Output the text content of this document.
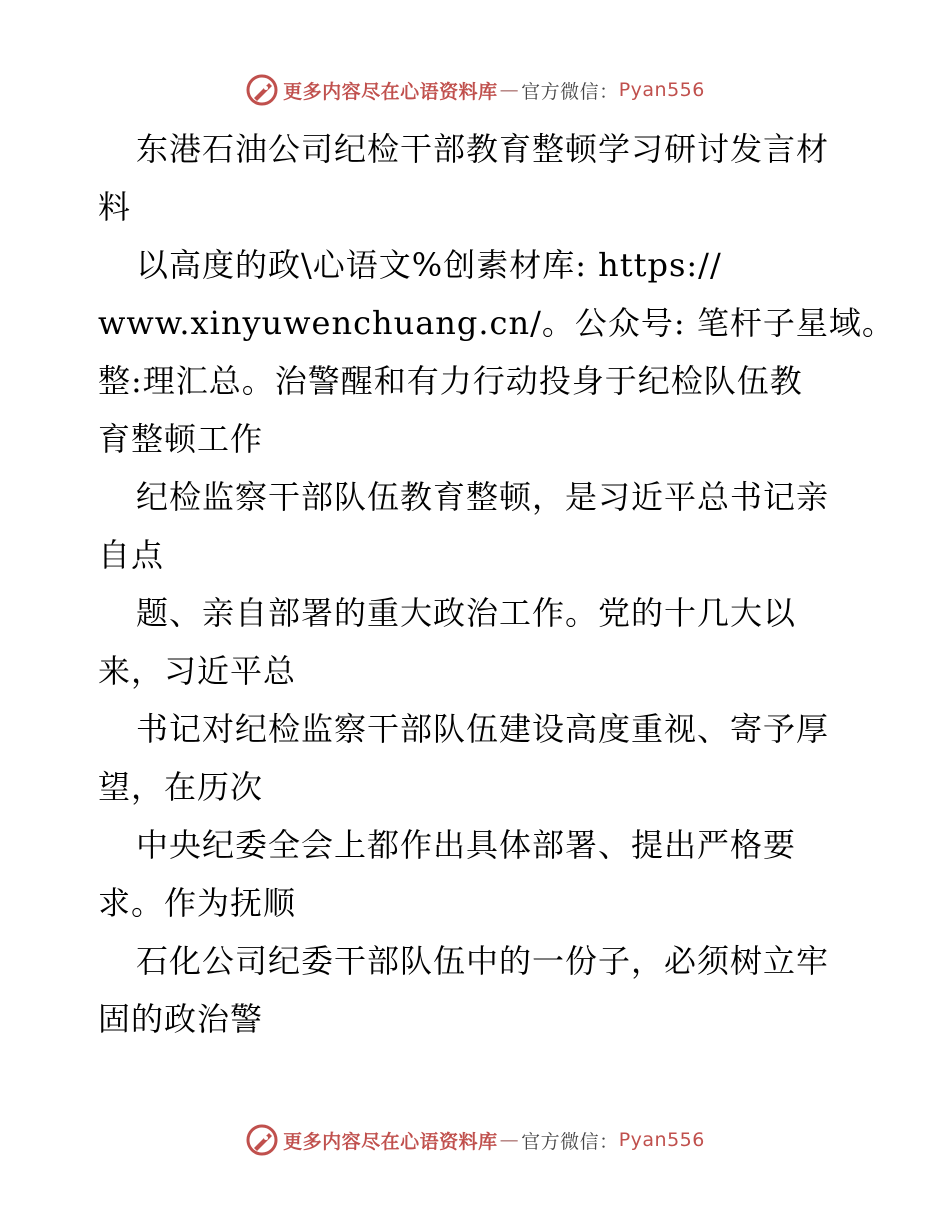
更多内容尽在心语资料库 — 官方微信： Pyan556
东港石油公司纪检干部教育整顿学习研讨发言材
料
以高度的政\心语文%创素材库: https://
www.xinyuwenchuang.cn/。公众号: 笔杆子星域。
整:理汇总。治警醒和有力行动投身于纪检队伍教
育整顿工作
纪检监察干部队伍教育整顿，是习近平总书记亲
自点
题、亲自部署的重大政治工作。党的十几大以
来，习近平总
书记对纪检监察干部队伍建设高度重视、寄予厚
望，在历次
中央纪委全会上都作出具体部署、提出严格要
求。作为抚顺
石化公司纪委干部队伍中的一份子，必须树立牢
固的政治警
更多内容尽在心语资料库 — 官方微信： Pyan556
